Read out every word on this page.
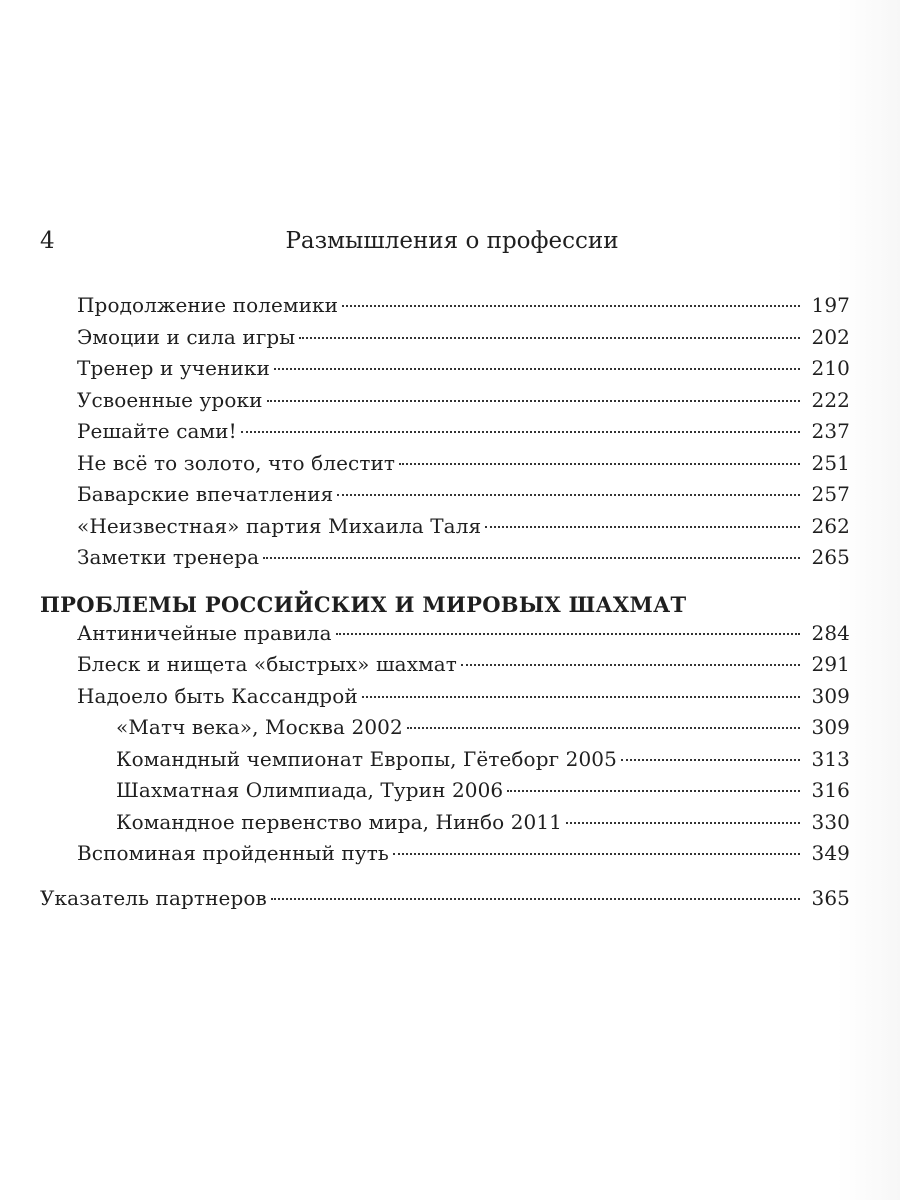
4	Размышления о профессии
Продолжение полемики	197
Эмоции и сила игры	202
Тренер и ученики	210
Усвоенные уроки	222
Решайте сами!	237
Не всё то золото, что блестит	251
Баварские впечатления	257
«Неизвестная» партия Михаила Таля	262
Заметки тренера	265
ПРОБЛЕМЫ РОССИЙСКИХ И МИРОВЫХ ШАХМАТ
Антиничейные правила	284
Блеск и нищета «быстрых» шахмат	291
Надоело быть Кассандрой	309
«Матч века», Москва 2002	309
Командный чемпионат Европы, Гётеборг 2005	313
Шахматная Олимпиада, Турин 2006	316
Командное первенство мира, Нинбо 2011	330
Вспоминая пройденный путь	349
Указатель партнеров	365
